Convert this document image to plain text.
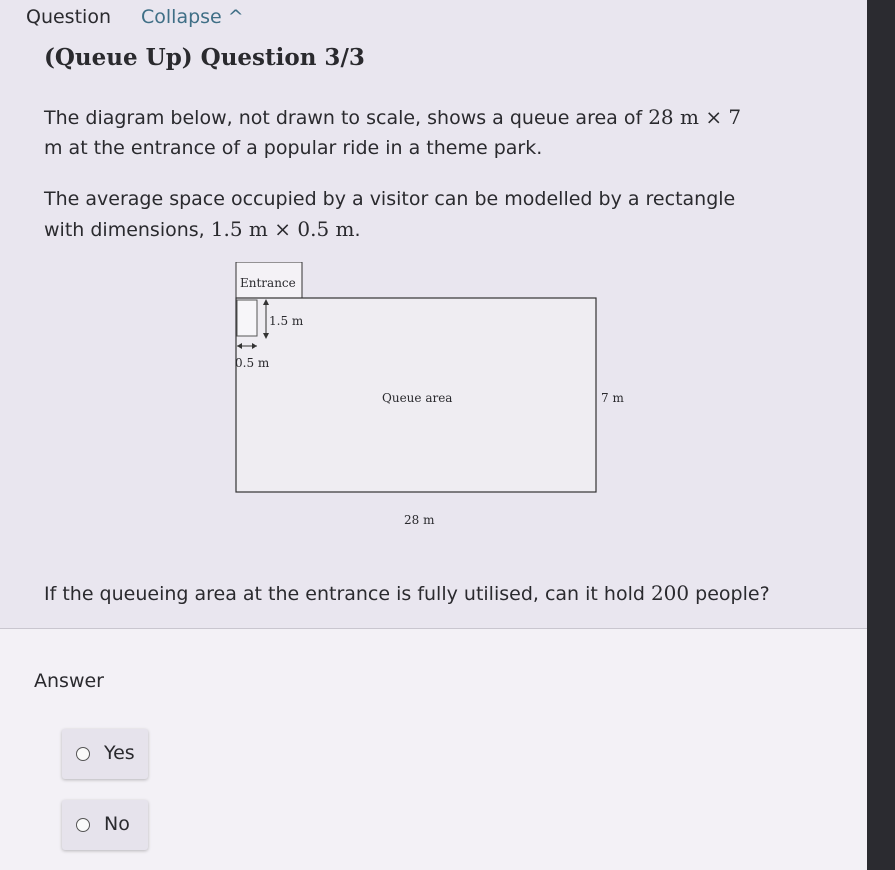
Question Collapse ^
(Queue Up) Question 3/3
The diagram below, not drawn to scale, shows a queue area of 28 m × 7
m at the entrance of a popular ride in a theme park.
The average space occupied by a visitor can be modelled by a rectangle
with dimensions, 1.5 m × 0.5 m.
Entrance
1.5 m
0.5 m
Queue area	7 m
28 m
If the queueing area at the entrance is fully utilised, can it hold 200 people?
Answer
Yes
No
